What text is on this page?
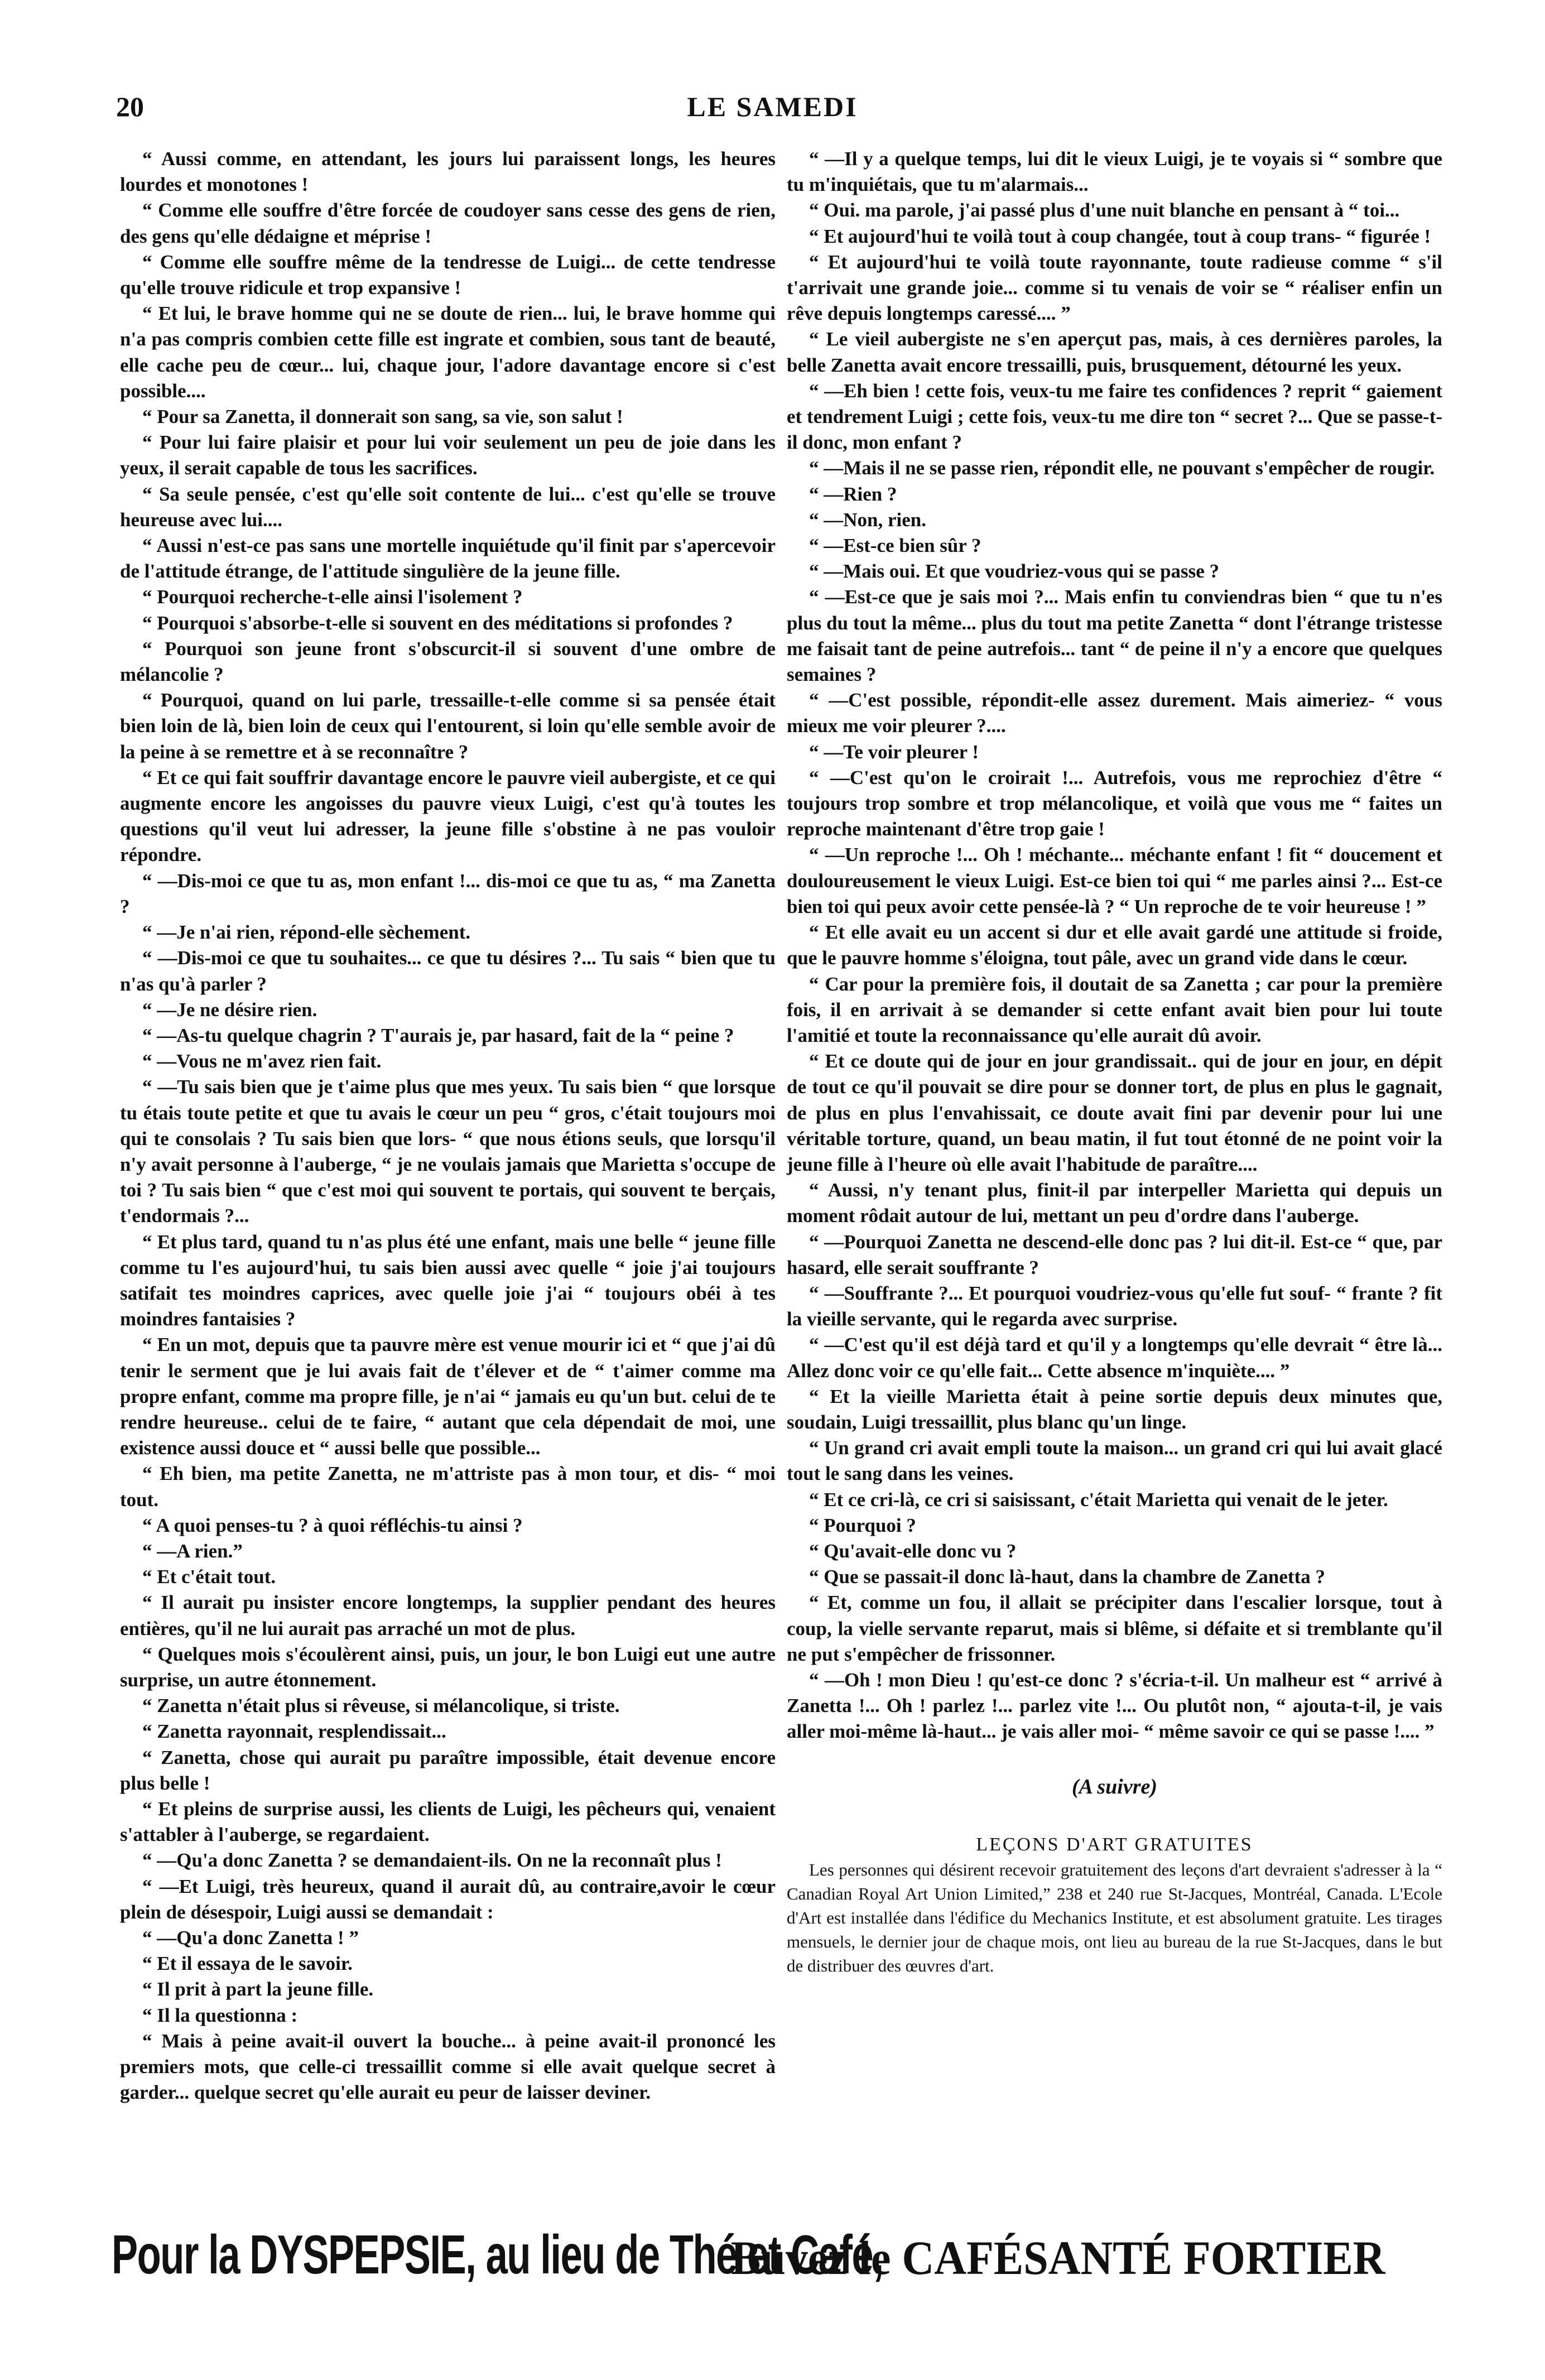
20	LE SAMEDI

“ Aussi comme, en attendant, les jours lui paraissent longs, les heures lourdes et monotones !

“ Comme elle souffre d'être forcée de coudoyer sans cesse des gens de rien, des gens qu'elle dédaigne et méprise !

“ Comme elle souffre même de la tendresse de Luigi... de cette tendresse qu'elle trouve ridicule et trop expansive !

“ Et lui, le brave homme qui ne se doute de rien... lui, le brave homme qui n'a pas compris combien cette fille est ingrate et combien, sous tant de beauté, elle cache peu de cœur... lui, chaque jour, l'adore davantage encore si c'est possible....

“ Pour sa Zanetta, il donnerait son sang, sa vie, son salut !

“ Pour lui faire plaisir et pour lui voir seulement un peu de joie dans les yeux, il serait capable de tous les sacrifices.

“ Sa seule pensée, c'est qu'elle soit contente de lui... c'est qu'elle se trouve heureuse avec lui....

“ Aussi n'est-ce pas sans une mortelle inquiétude qu'il finit par s'apercevoir de l'attitude étrange, de l'attitude singulière de la jeune fille.

“ Pourquoi recherche-t-elle ainsi l'isolement ?

“ Pourquoi s'absorbe-t-elle si souvent en des méditations si profondes ?

“ Pourquoi son jeune front s'obscurcit-il si souvent d'une ombre de mélancolie ?

“ Pourquoi, quand on lui parle, tressaille-t-elle comme si sa pensée était bien loin de là, bien loin de ceux qui l'entourent, si loin qu'elle semble avoir de la peine à se remettre et à se reconnaître ?

“ Et ce qui fait souffrir davantage encore le pauvre vieil aubergiste, et ce qui augmente encore les angoisses du pauvre vieux Luigi, c'est qu'à toutes les questions qu'il veut lui adresser, la jeune fille s'obstine à ne pas vouloir répondre.

“ —Dis-moi ce que tu as, mon enfant !... dis-moi ce que tu as, “ ma Zanetta ?

“ —Je n'ai rien, répond-elle sèchement.

“ —Dis-moi ce que tu souhaites... ce que tu désires ?... Tu sais “ bien que tu n'as qu'à parler ?

“ —Je ne désire rien.

“ —As-tu quelque chagrin ? T'aurais je, par hasard, fait de la “ peine ?

“ —Vous ne m'avez rien fait.

“ —Tu sais bien que je t'aime plus que mes yeux. Tu sais bien “ que lorsque tu étais toute petite et que tu avais le cœur un peu “ gros, c'était toujours moi qui te consolais ? Tu sais bien que lors- “ que nous étions seuls, que lorsqu'il n'y avait personne à l'auberge, “ je ne voulais jamais que Marietta s'occupe de toi ? Tu sais bien “ que c'est moi qui souvent te portais, qui souvent te berçais, t'endormais ?...

“ Et plus tard, quand tu n'as plus été une enfant, mais une belle “ jeune fille comme tu l'es aujourd'hui, tu sais bien aussi avec quelle “ joie j'ai toujours satifait tes moindres caprices, avec quelle joie j'ai “ toujours obéi à tes moindres fantaisies ?

“ En un mot, depuis que ta pauvre mère est venue mourir ici et “ que j'ai dû tenir le serment que je lui avais fait de t'élever et de “ t'aimer comme ma propre enfant, comme ma propre fille, je n'ai “ jamais eu qu'un but. celui de te rendre heureuse.. celui de te faire, “ autant que cela dépendait de moi, une existence aussi douce et “ aussi belle que possible...

“ Eh bien, ma petite Zanetta, ne m'attriste pas à mon tour, et dis- “ moi tout.

“ A quoi penses-tu ? à quoi réfléchis-tu ainsi ?

“ —A rien.”

“ Et c'était tout.

“ Il aurait pu insister encore longtemps, la supplier pendant des heures entières, qu'il ne lui aurait pas arraché un mot de plus.

“ Quelques mois s'écoulèrent ainsi, puis, un jour, le bon Luigi eut une autre surprise, un autre étonnement.

“ Zanetta n'était plus si rêveuse, si mélancolique, si triste.

“ Zanetta rayonnait, resplendissait...

“ Zanetta, chose qui aurait pu paraître impossible, était devenue encore plus belle !

“ Et pleins de surprise aussi, les clients de Luigi, les pêcheurs qui, venaient s'attabler à l'auberge, se regardaient.

“ —Qu'a donc Zanetta ? se demandaient-ils. On ne la reconnaît plus !

“ —Et Luigi, très heureux, quand il aurait dû, au contraire,avoir le cœur plein de désespoir, Luigi aussi se demandait :

“ —Qu'a donc Zanetta ! ”

“ Et il essaya de le savoir.

“ Il prit à part la jeune fille.

“ Il la questionna :

“ Mais à peine avait-il ouvert la bouche... à peine avait-il prononcé les premiers mots, que celle-ci tressaillit comme si elle avait quelque secret à garder... quelque secret qu'elle aurait eu peur de laisser deviner.

“ —Il y a quelque temps, lui dit le vieux Luigi, je te voyais si “ sombre que tu m'inquiétais, que tu m'alarmais...

“ Oui. ma parole, j'ai passé plus d'une nuit blanche en pensant à “ toi...

“ Et aujourd'hui te voilà tout à coup changée, tout à coup trans- “ figurée !

“ Et aujourd'hui te voilà toute rayonnante, toute radieuse comme “ s'il t'arrivait une grande joie... comme si tu venais de voir se “ réaliser enfin un rêve depuis longtemps caressé.... ”

“ Le vieil aubergiste ne s'en aperçut pas, mais, à ces dernières paroles, la belle Zanetta avait encore tressailli, puis, brusquement, détourné les yeux.

“ —Eh bien ! cette fois, veux-tu me faire tes confidences ? reprit “ gaiement et tendrement Luigi ; cette fois, veux-tu me dire ton “ secret ?... Que se passe-t-il donc, mon enfant ?

“ —Mais il ne se passe rien, répondit elle, ne pouvant s'empêcher de rougir.

“ —Rien ?

“ —Non, rien.

“ —Est-ce bien sûr ?

“ —Mais oui. Et que voudriez-vous qui se passe ?

“ —Est-ce que je sais moi ?... Mais enfin tu conviendras bien “ que tu n'es plus du tout la même... plus du tout ma petite Zanetta “ dont l'étrange tristesse me faisait tant de peine autrefois... tant “ de peine il n'y a encore que quelques semaines ?

“ —C'est possible, répondit-elle assez durement. Mais aimeriez- “ vous mieux me voir pleurer ?....

“ —Te voir pleurer !

“ —C'est qu'on le croirait !... Autrefois, vous me reprochiez d'être “ toujours trop sombre et trop mélancolique, et voilà que vous me “ faites un reproche maintenant d'être trop gaie !

“ —Un reproche !... Oh ! méchante... méchante enfant ! fit “ doucement et douloureusement le vieux Luigi. Est-ce bien toi qui “ me parles ainsi ?... Est-ce bien toi qui peux avoir cette pensée-là ? “ Un reproche de te voir heureuse ! ”

“ Et elle avait eu un accent si dur et elle avait gardé une attitude si froide, que le pauvre homme s'éloigna, tout pâle, avec un grand vide dans le cœur.

“ Car pour la première fois, il doutait de sa Zanetta ; car pour la première fois, il en arrivait à se demander si cette enfant avait bien pour lui toute l'amitié et toute la reconnaissance qu'elle aurait dû avoir.

“ Et ce doute qui de jour en jour grandissait.. qui de jour en jour, en dépit de tout ce qu'il pouvait se dire pour se donner tort, de plus en plus le gagnait, de plus en plus l'envahissait, ce doute avait fini par devenir pour lui une véritable torture, quand, un beau matin, il fut tout étonné de ne point voir la jeune fille à l'heure où elle avait l'habitude de paraître....

“ Aussi, n'y tenant plus, finit-il par interpeller Marietta qui depuis un moment rôdait autour de lui, mettant un peu d'ordre dans l'auberge.

“ —Pourquoi Zanetta ne descend-elle donc pas ? lui dit-il. Est-ce “ que, par hasard, elle serait souffrante ?

“ —Souffrante ?... Et pourquoi voudriez-vous qu'elle fut souf- “ frante ? fit la vieille servante, qui le regarda avec surprise.

“ —C'est qu'il est déjà tard et qu'il y a longtemps qu'elle devrait “ être là... Allez donc voir ce qu'elle fait... Cette absence m'inquiète.... ”

“ Et la vieille Marietta était à peine sortie depuis deux minutes que, soudain, Luigi tressaillit, plus blanc qu'un linge.

“ Un grand cri avait empli toute la maison... un grand cri qui lui avait glacé tout le sang dans les veines.

“ Et ce cri-là, ce cri si saisissant, c'était Marietta qui venait de le jeter.

“ Pourquoi ?

“ Qu'avait-elle donc vu ?

“ Que se passait-il donc là-haut, dans la chambre de Zanetta ?

“ Et, comme un fou, il allait se précipiter dans l'escalier lorsque, tout à coup, la vielle servante reparut, mais si blême, si défaite et si tremblante qu'il ne put s'empêcher de frissonner.

“ —Oh ! mon Dieu ! qu'est-ce donc ? s'écria-t-il. Un malheur est “ arrivé à Zanetta !... Oh ! parlez !... parlez vite !... Ou plutôt non, “ ajouta-t-il, je vais aller moi-même là-haut... je vais aller moi- “ même savoir ce qui se passe !.... ”

(A suivre)
LEÇONS D'ART GRATUITES

Les personnes qui désirent recevoir gratuitement des leçons d'art devraient s'adresser à la “ Canadian Royal Art Union Limited,” 238 et 240 rue St-Jacques, Montréal, Canada. L'Ecole d'Art est installée dans l'édifice du Mechanics Institute, et est absolument gratuite. Les tirages mensuels, le dernier jour de chaque mois, ont lieu au bureau de la rue St-Jacques, dans le but de distribuer des œuvres d'art.

Pour la DYSPEPSIE, au lieu de Thé et Café,
Buvez le CAFÉSANTÉ FORTIER
